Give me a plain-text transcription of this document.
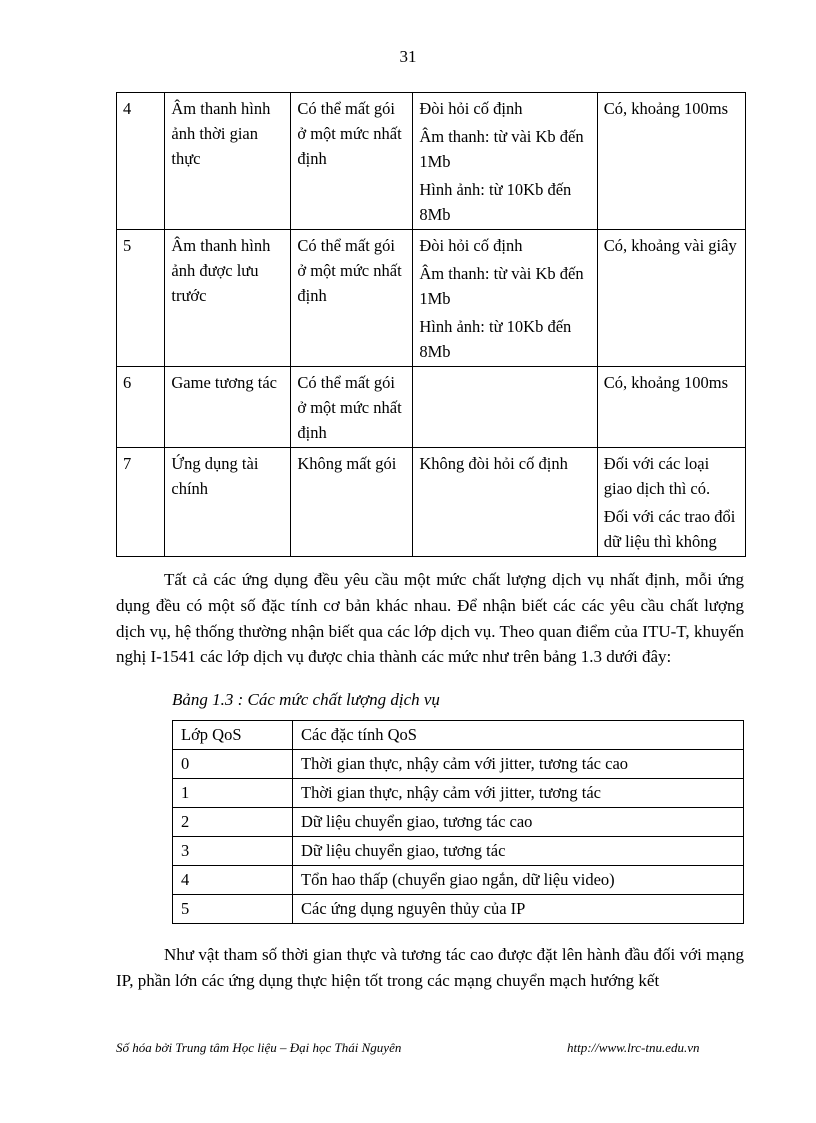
31
4	Âm thanh hình ảnh thời gian thực	Có thể mất gói ở một mức nhất định	Đòi hỏi cố định

Âm thanh: từ vài Kb đến 1Mb

Hình ảnh: từ 10Kb đến 8Mb	Có, khoảng 100ms

5	Âm thanh hình ảnh được lưu trước	Có thể mất gói ở một mức nhất định	Đòi hỏi cố định

Âm thanh: từ vài Kb đến 1Mb

Hình ảnh: từ 10Kb đến 8Mb	Có, khoảng vài giây

6	Game tương tác	Có thể mất gói ở một mức nhất định		Có, khoảng 100ms

7	Ứng dụng tài chính	Không mất gói	Không đòi hỏi cố định	Đối với các loại giao dịch thì có.

Đối với các trao đổi dữ liệu thì không

Tất cả các ứng dụng đều yêu cầu một mức chất lượng dịch vụ nhất định, mỗi ứng dụng đều có một số đặc tính cơ bản khác nhau. Để nhận biết các các yêu cầu chất lượng dịch vụ, hệ thống thường nhận biết qua các lớp dịch vụ. Theo quan điểm của ITU-T, khuyến nghị I-1541 các lớp dịch vụ được chia thành các mức như trên bảng 1.3 dưới đây:

Bảng 1.3 : Các mức chất lượng dịch vụ
Lớp QoS	Các đặc tính QoS
0	Thời gian thực, nhậy cảm với jitter, tương tác cao
1	Thời gian thực, nhậy cảm với jitter, tương tác
2	Dữ liệu chuyển giao, tương tác cao
3	Dữ liệu chuyển giao, tương tác
4	Tổn hao thấp (chuyển giao ngắn, dữ liệu video)
5	Các ứng dụng nguyên thủy của IP

Như vật tham số thời gian thực và tương tác cao được đặt lên hành đầu đối với mạng IP, phần lớn các ứng dụng thực hiện tốt trong các mạng chuyển mạch hướng kết

Số hóa bởi Trung tâm Học liệu – Đại học Thái Nguyên	http://www.lrc-tnu.edu.vn
